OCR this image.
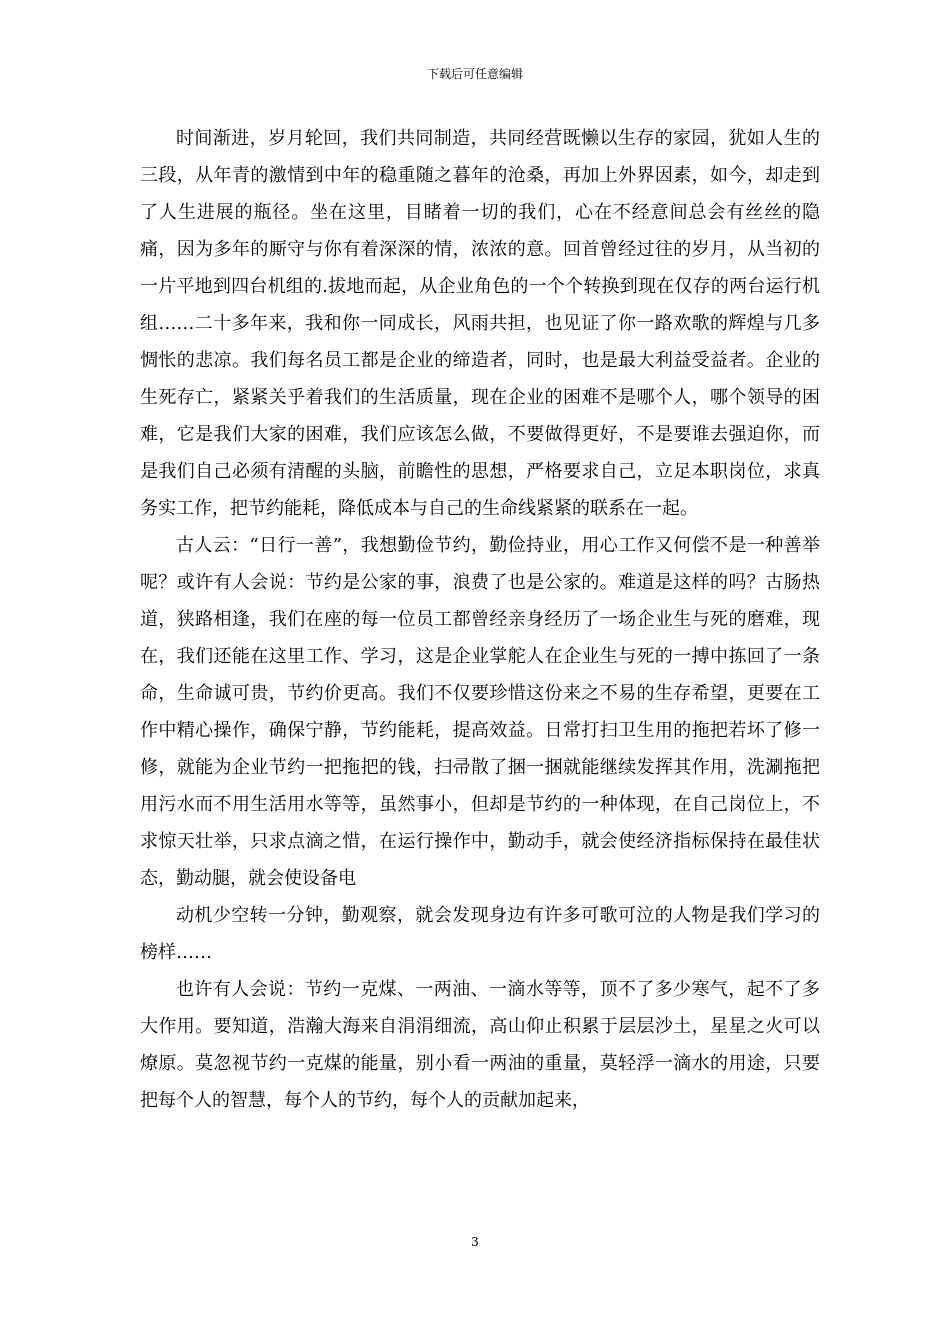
下载后可任意编辑

时间渐进，岁月轮回，我们共同制造，共同经营既懒以生存的家园，犹如人生的三段，从年青的激情到中年的稳重随之暮年的沧桑，再加上外界因素，如今，却走到了人生进展的瓶径。坐在这里，目睹着一切的我们，心在不经意间总会有丝丝的隐痛，因为多年的厮守与你有着深深的情，浓浓的意。回首曾经过往的岁月，从当初的一片平地到四台机组的.拔地而起，从企业角色的一个个转换到现在仅存的两台运行机组……二十多年来，我和你一同成长，风雨共担，也见证了你一路欢歌的辉煌与几多惆怅的悲凉。我们每名员工都是企业的缔造者，同时，也是最大利益受益者。企业的生死存亡，紧紧关乎着我们的生活质量，现在企业的困难不是哪个人，哪个领导的困难，它是我们大家的困难，我们应该怎么做，不要做得更好，不是要谁去强迫你，而是我们自己必须有清醒的头脑，前瞻性的思想，严格要求自己，立足本职岗位，求真务实工作，把节约能耗，降低成本与自己的生命线紧紧的联系在一起。

古人云：“日行一善”，我想勤俭节约，勤俭持业，用心工作又何偿不是一种善举呢？或许有人会说：节约是公家的事，浪费了也是公家的。难道是这样的吗？古肠热道，狭路相逢，我们在座的每一位员工都曾经亲身经历了一场企业生与死的磨难，现在，我们还能在这里工作、学习，这是企业掌舵人在企业生与死的一搏中拣回了一条命，生命诚可贵，节约价更高。我们不仅要珍惜这份来之不易的生存希望，更要在工作中精心操作，确保宁静，节约能耗，提高效益。日常打扫卫生用的拖把若坏了修一修，就能为企业节约一把拖把的钱，扫帚散了捆一捆就能继续发挥其作用，洗涮拖把用污水而不用生活用水等等，虽然事小，但却是节约的一种体现，在自己岗位上，不求惊天壮举，只求点滴之惜，在运行操作中，勤动手，就会使经济指标保持在最佳状态，勤动腿，就会使设备电

动机少空转一分钟，勤观察，就会发现身边有许多可歌可泣的人物是我们学习的榜样……

也许有人会说：节约一克煤、一两油、一滴水等等，顶不了多少寒气，起不了多大作用。要知道，浩瀚大海来自涓涓细流，高山仰止积累于层层沙土，星星之火可以燎原。莫忽视节约一克煤的能量，别小看一两油的重量，莫轻浮一滴水的用途，只要把每个人的智慧，每个人的节约，每个人的贡献加起来，

3
